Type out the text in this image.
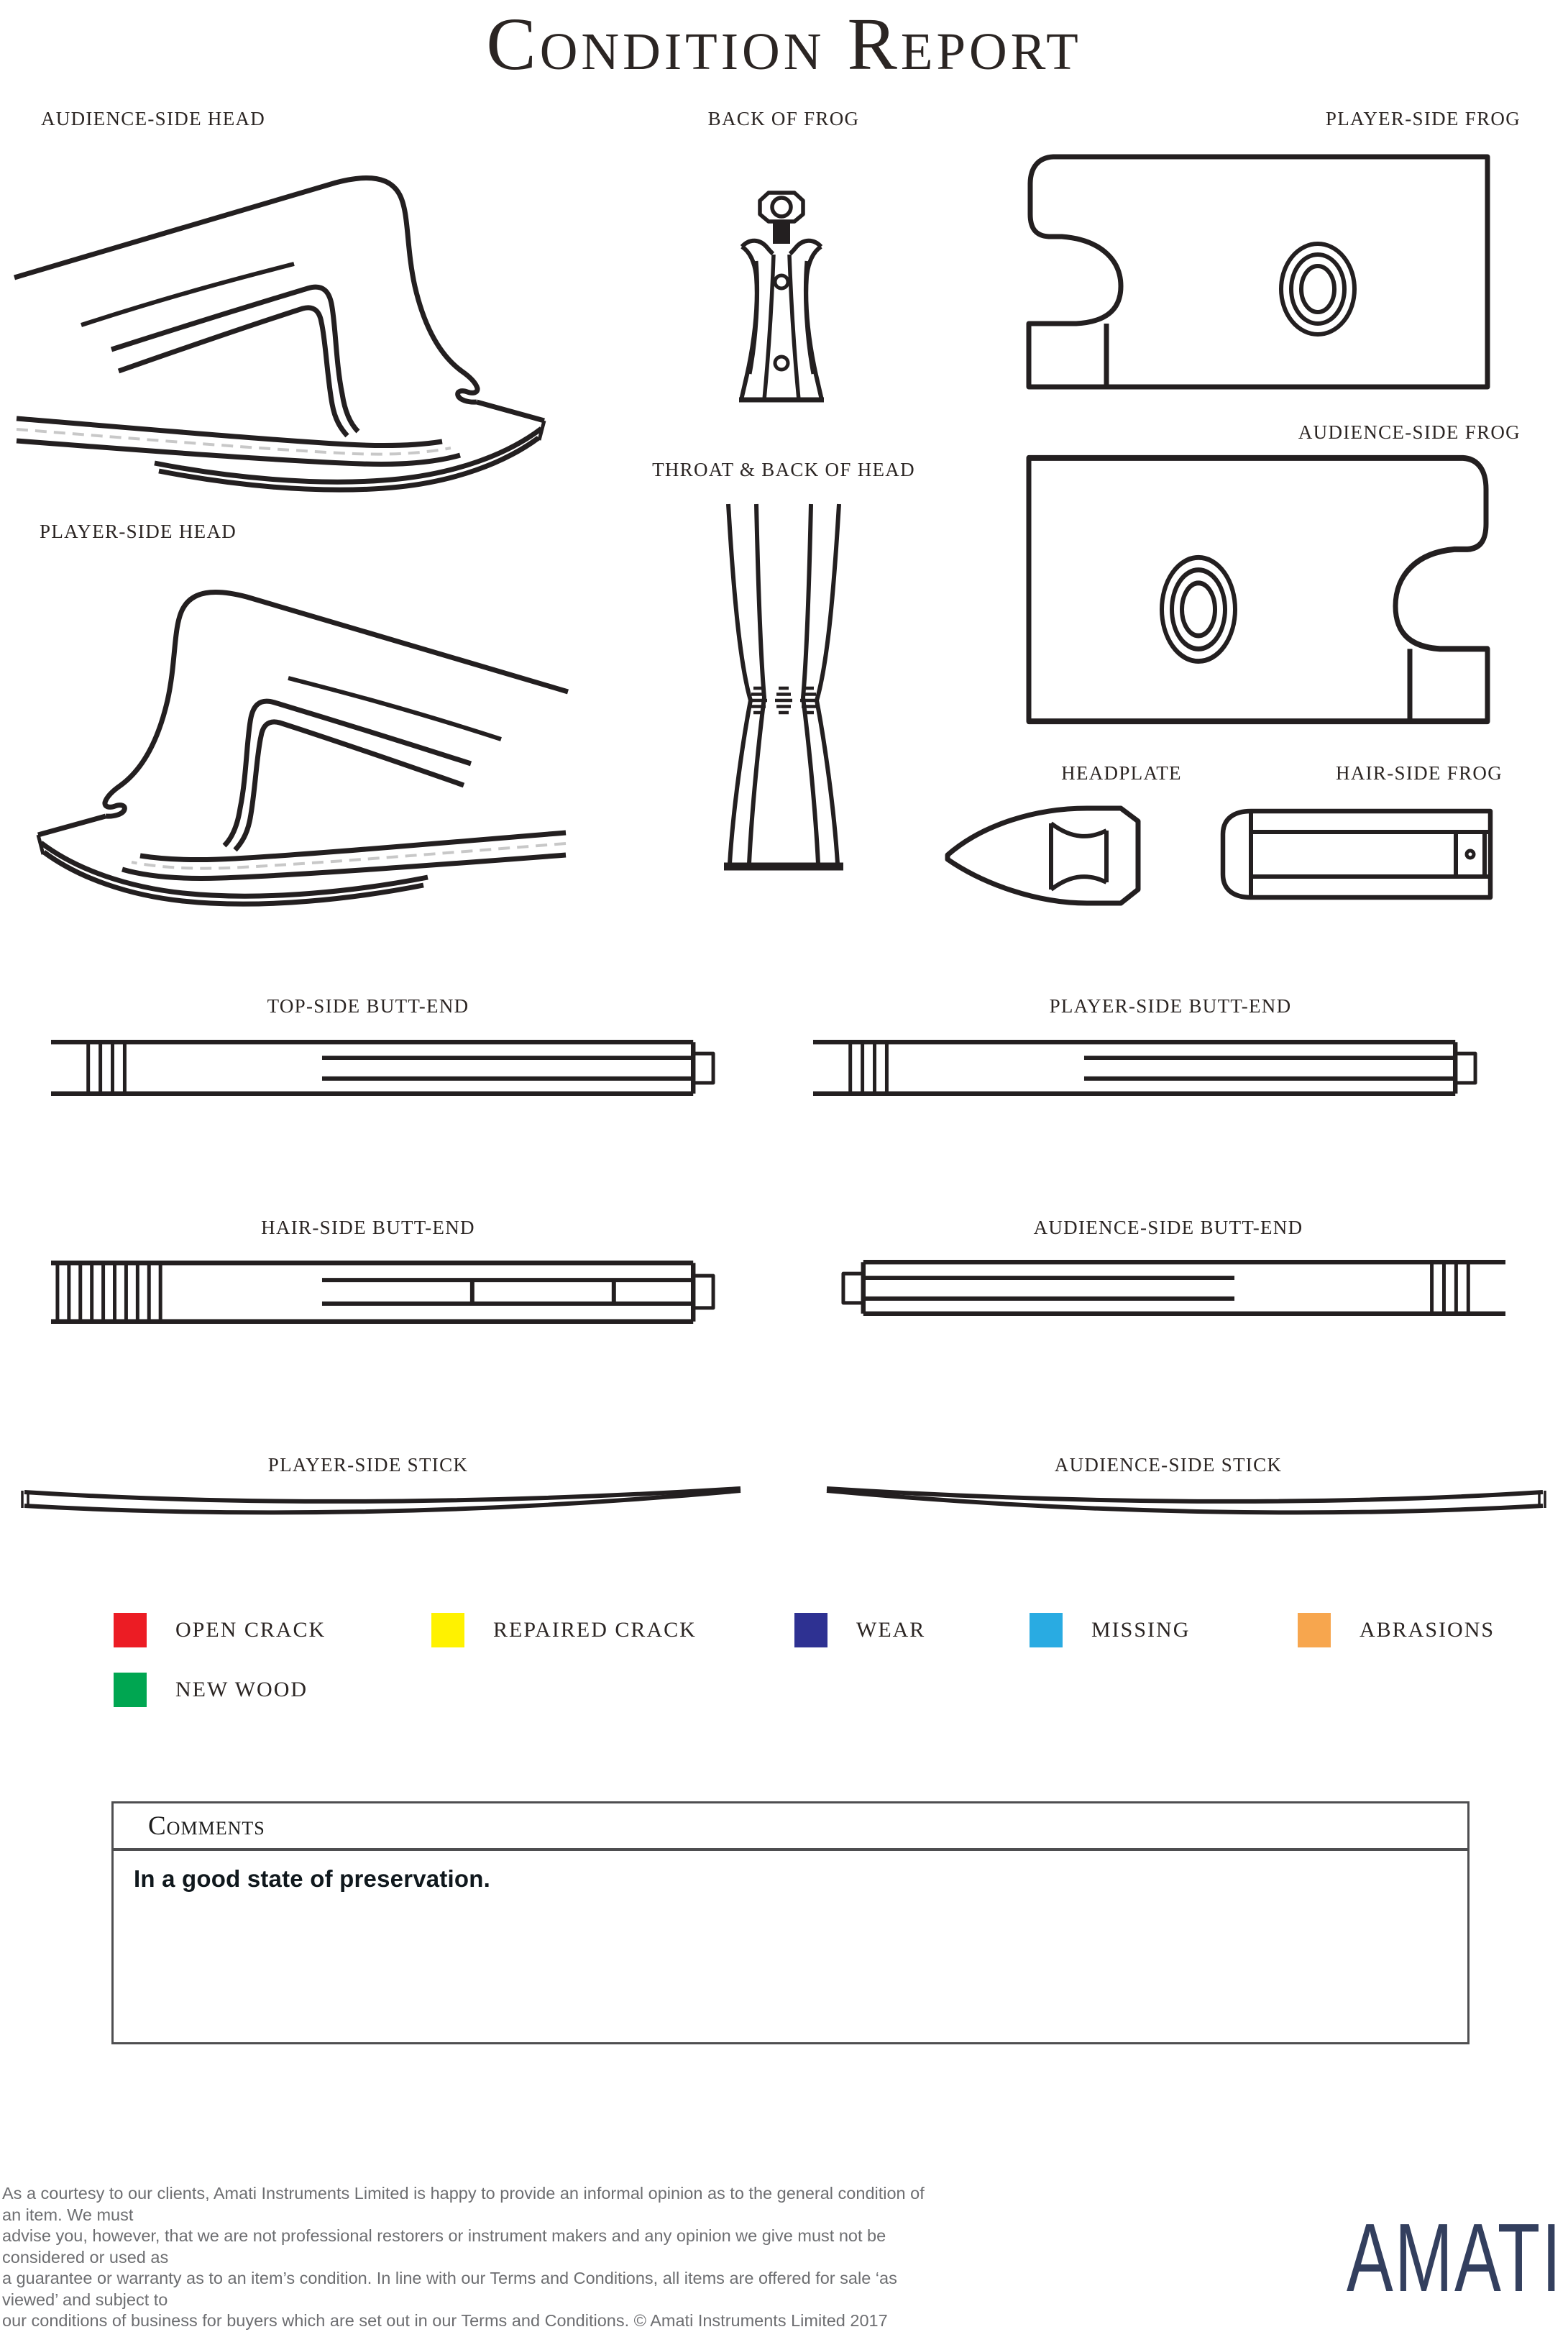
Condition Report
AUDIENCE-SIDE HEAD	BACK OF FROG	PLAYER-SIDE FROG
AUDIENCE-SIDE FROG
THROAT & BACK OF HEAD
PLAYER-SIDE HEAD
HEADPLATE	HAIR-SIDE FROG
TOP-SIDE BUTT-END	PLAYER-SIDE BUTT-END
HAIR-SIDE BUTT-END	AUDIENCE-SIDE BUTT-END
PLAYER-SIDE STICK	AUDIENCE-SIDE STICK
OPEN CRACK	REPAIRED CRACK	WEAR	MISSING	ABRASIONS
NEW WOOD
Comments
In a good state of preservation.
As a courtesy to our clients, Amati Instruments Limited is happy to provide an informal opinion as to the general condition of an item. We must
advise you, however, that we are not professional restorers or instrument makers and any opinion we give must not be considered or used as
a guarantee or warranty as to an item’s condition. In line with our Terms and Conditions, all items are offered for sale ‘as viewed’ and subject to
our conditions of business for buyers which are set out in our Terms and Conditions. © Amati Instruments Limited 2017
AMATI
